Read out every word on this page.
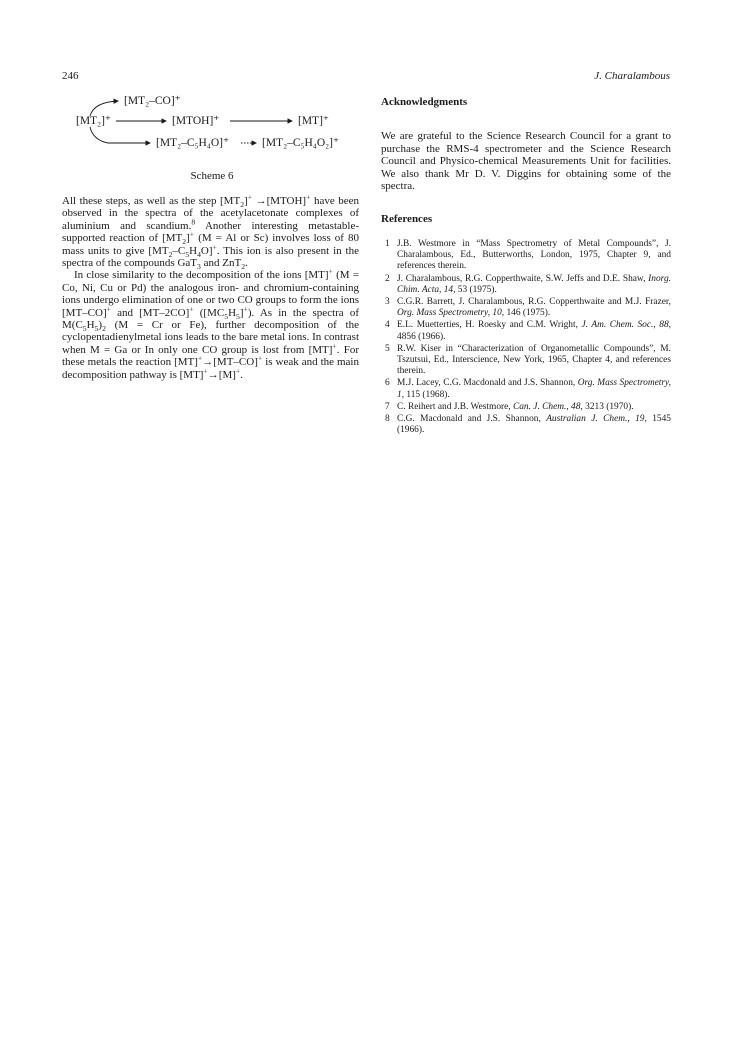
246	J. Charalambous
[MT₂–CO]⁺
[MT₂]⁺	[MTOH]⁺	[MT]⁺
[MT₂–C₅H₄O]⁺	[MT₂–C₅H₄O₂]⁺
Scheme 6

All these steps, as well as the step $[MT_2]^+$ →[MTOH]+ have been observed in the spectra of the acetylacetonate complexes of aluminium and scandium.$^8$ Another interesting metastable-supported reaction of $[MT_2]^+$ (M = Al or Sc) involves loss of 80 mass units to give $[MT_2-C_5H_4O]^+$. This ion is also present in the spectra of the compounds GaT$_3$ and ZnT$_2$.

In close similarity to the decomposition of the ions [MT]+ (M = Co, Ni, Cu or Pd) the analogous iron- and chromium-containing ions undergo elimination of one or two CO groups to form the ions [MT–CO]+ and [MT–2CO]+ $([MC_5H_5]^+)$. As in the spectra of $M(C_5H_5)_2$ (M = Cr or Fe), further decomposition of the cyclopentadienylmetal ions leads to the bare metal ions. In contrast when M = Ga or In only one CO group is lost from [MT]+. For these metals the reaction [MT]+→[MT–CO]+ is weak and the main decomposition pathway is [MT]+→[M]+.

Acknowledgments

We are grateful to the Science Research Council for a grant to purchase the RMS-4 spectrometer and the Science Research Council and Physico-chemical Measurements Unit for facilities. We also thank Mr D. V. Diggins for obtaining some of the spectra.

References
1 J.B. Westmore in “Mass Spectrometry of Metal Compounds”, J. Charalambous, Ed., Butterworths, London, 1975, Chapter 9, and references therein.
2 J. Charalambous, R.G. Copperthwaite, S.W. Jeffs and D.E. Shaw, Inorg. Chim. Acta, 14, 53 (1975).
3 C.G.R. Barrett, J. Charalambous, R.G. Copperthwaite and M.J. Frazer, Org. Mass Spectrometry, 10, 146 (1975).
4 E.L. Muetterties, H. Roesky and C.M. Wright, J. Am. Chem. Soc., 88, 4856 (1966).
5 R.W. Kiser in “Characterization of Organometallic Compounds”, M. Tszutsui, Ed., Interscience, New York, 1965, Chapter 4, and references therein.
6 M.J. Lacey, C.G. Macdonald and J.S. Shannon, Org. Mass Spectrometry, 1, 115 (1968).
7 C. Reihert and J.B. Westmore, Can. J. Chem., 48, 3213 (1970).
8 C.G. Macdonald and J.S. Shannon, Australian J. Chem., 19, 1545 (1966).
